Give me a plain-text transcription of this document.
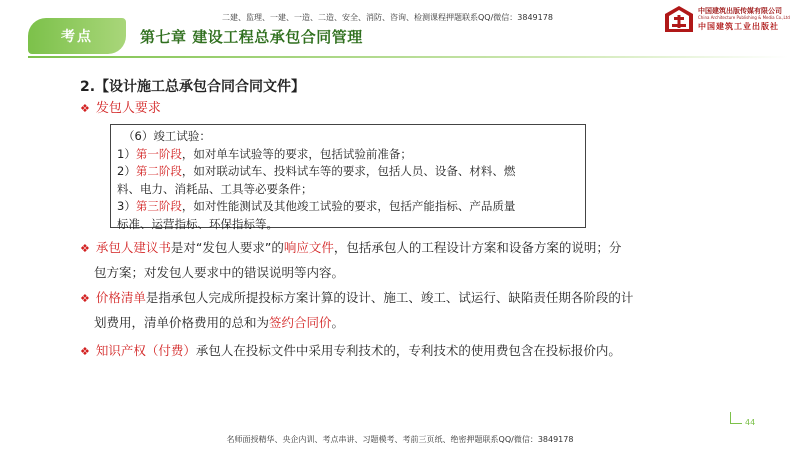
二建、监理、一建、一造、二造、安全、消防、咨询、检测课程押题联系QQ/微信：3849178
考点	第七章 建设工程总承包合同管理
中国建筑出版传媒有限公司
China Architecture Publishing & Media Co.,Ltd
中国建筑工业出版社
2.【设计施工总承包合同合同文件】
❖ 发包人要求
（6）竣工试验：
1）第一阶段，如对单车试验等的要求，包括试验前准备；
2）第二阶段，如对联动试车、投料试车等的要求，包括人员、设备、材料、燃
料、电力、消耗品、工具等必要条件；
3）第三阶段，如对性能测试及其他竣工试验的要求，包括产能指标、产品质量
标准、运营指标、环保指标等。
❖ 承包人建议书是对“发包人要求”的响应文件，包括承包人的工程设计方案和设备方案的说明；分
包方案；对发包人要求中的错误说明等内容。
❖ 价格清单是指承包人完成所提投标方案计算的设计、施工、竣工、试运行、缺陷责任期各阶段的计
划费用，清单价格费用的总和为签约合同价。
❖ 知识产权（付费）承包人在投标文件中采用专利技术的，专利技术的使用费包含在投标报价内。
44
名师面授精华、央企内训、考点串讲、习题模考、考前三页纸、绝密押题联系QQ/微信：3849178
